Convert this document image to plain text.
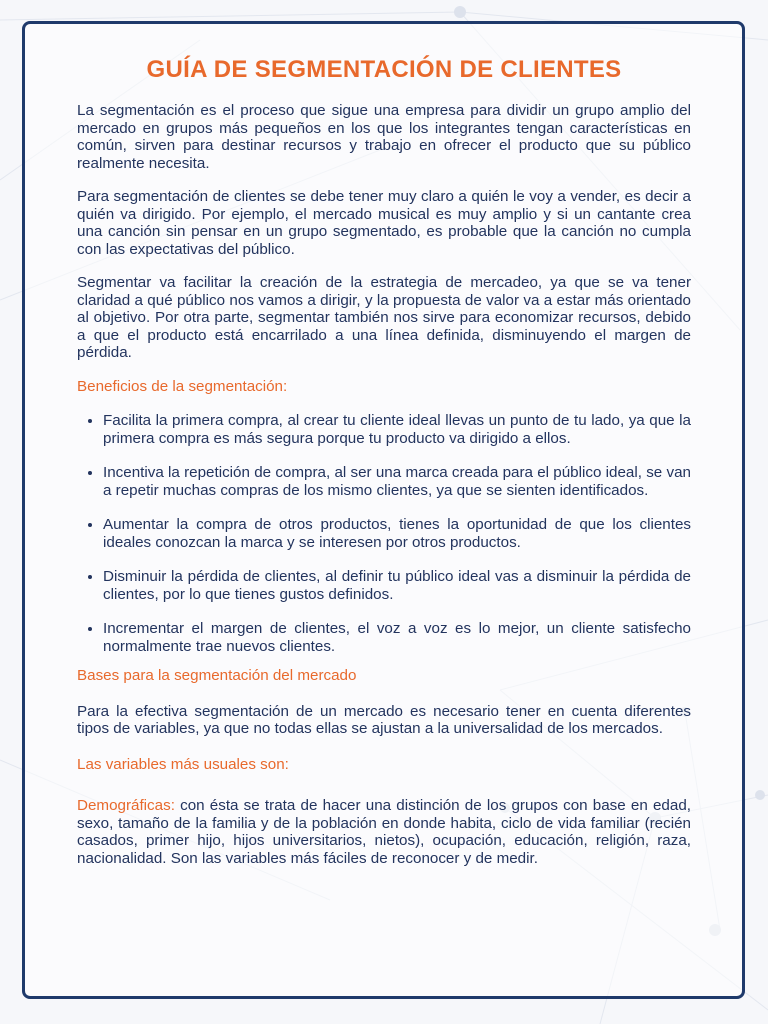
GUÍA DE SEGMENTACIÓN DE CLIENTES

La segmentación es el proceso que sigue una empresa para dividir un grupo amplio del mercado en grupos más pequeños en los que los integrantes tengan características en común, sirven para destinar recursos y trabajo en ofrecer el producto que su público realmente necesita.

Para segmentación de clientes se debe tener muy claro a quién le voy a vender, es decir a quién va dirigido. Por ejemplo, el mercado musical es muy amplio y si un cantante crea una canción sin pensar en un grupo segmentado, es probable que la canción no cumpla con las expectativas del público.

Segmentar va facilitar la creación de la estrategia de mercadeo, ya que se va tener claridad a qué público nos vamos a dirigir, y la propuesta de valor va a estar más orientado al objetivo. Por otra parte, segmentar también nos sirve para economizar recursos, debido a que el producto está encarrilado a una línea definida, disminuyendo el margen de pérdida.

Beneficios de la segmentación:

• Facilita la primera compra, al crear tu cliente ideal llevas un punto de tu lado, ya que la primera compra es más segura porque tu producto va dirigido a ellos.
• Incentiva la repetición de compra, al ser una marca creada para el público ideal, se van a repetir muchas compras de los mismo clientes, ya que se sienten identificados.
• Aumentar la compra de otros productos, tienes la oportunidad de que los clientes ideales conozcan la marca y se interesen por otros productos.
• Disminuir la pérdida de clientes, al definir tu público ideal vas a disminuir la pérdida de clientes, por lo que tienes gustos definidos.
• Incrementar el margen de clientes, el voz a voz es lo mejor, un cliente satisfecho normalmente trae nuevos clientes.

Bases para la segmentación del mercado

Para la efectiva segmentación de un mercado es necesario tener en cuenta diferentes tipos de variables, ya que no todas ellas se ajustan a la universalidad de los mercados.

Las variables más usuales son:

Demográficas: con ésta se trata de hacer una distinción de los grupos con base en edad, sexo, tamaño de la familia y de la población en donde habita, ciclo de vida familiar (recién casados, primer hijo, hijos universitarios, nietos), ocupación, educación, religión, raza, nacionalidad. Son las variables más fáciles de reconocer y de medir.
